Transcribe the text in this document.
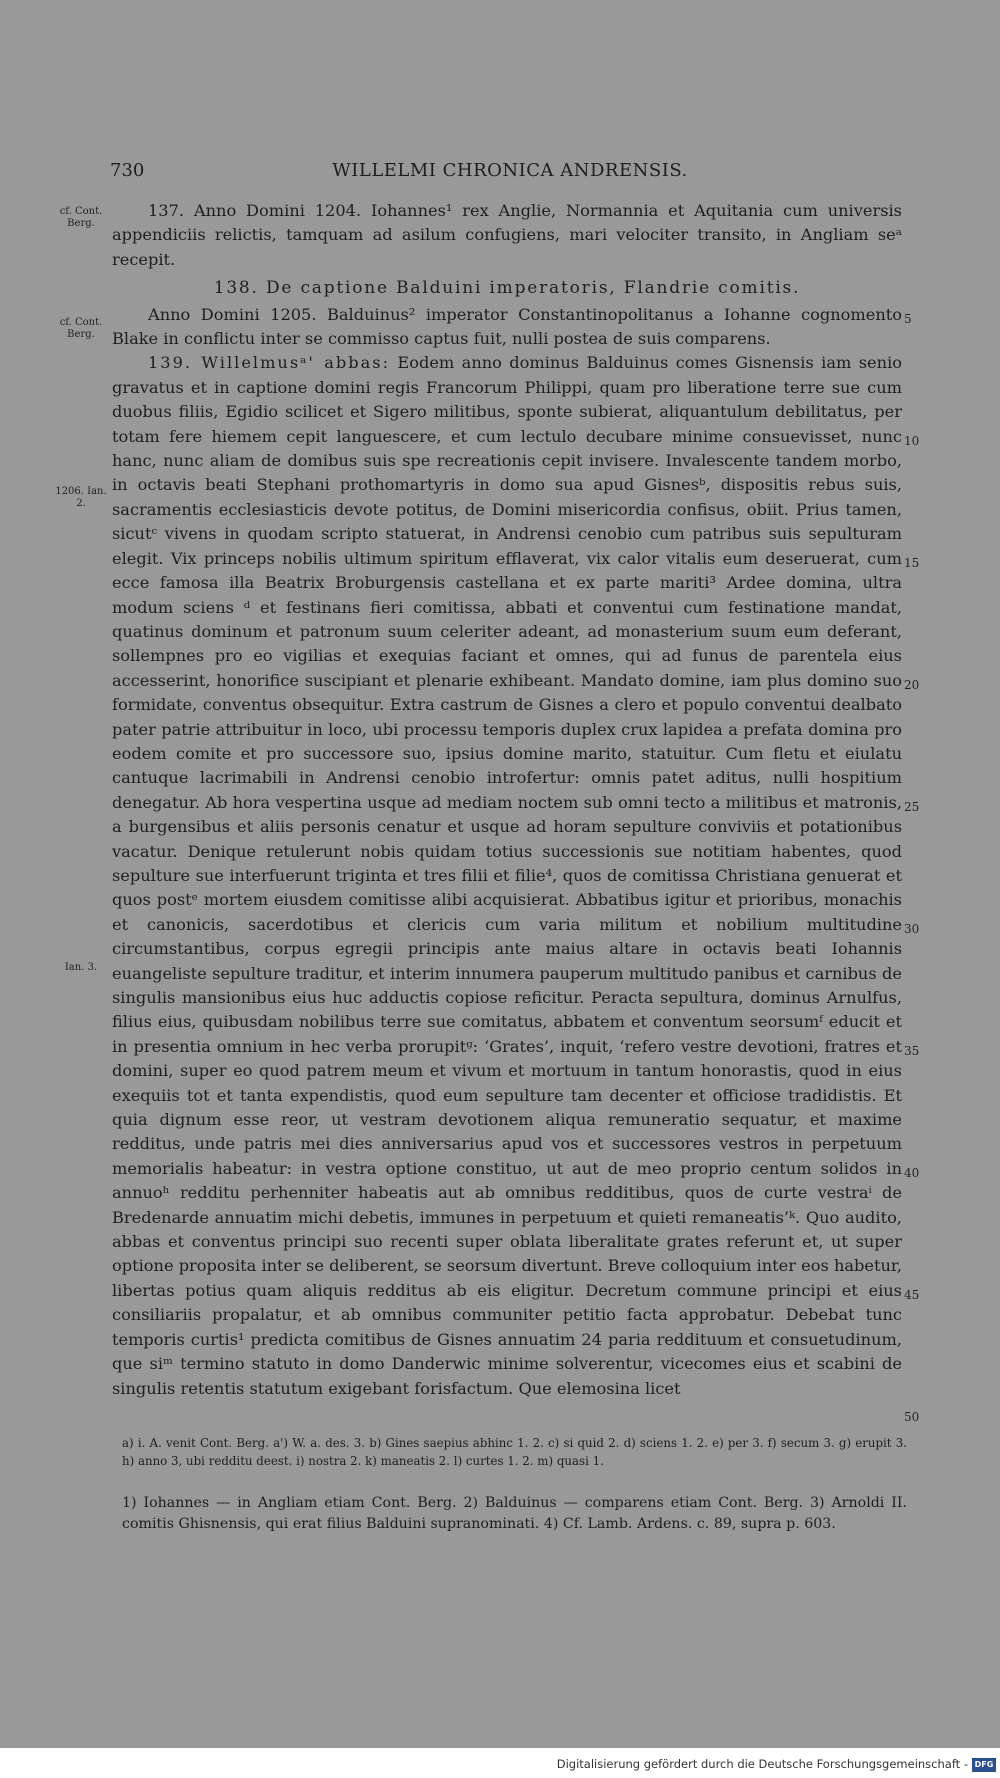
730	WILLELMI CHRONICA ANDRENSIS.
cf. Cont. Berg.
cf. Cont. Berg.
1206. Ian. 2.
Ian. 3.
5
10
15
20
25
30
35
40
45
50

137. Anno Domini 1204. Iohannes¹ rex Anglie, Normannia et Aquitania cum universis appendiciis relictis, tamquam ad asilum confugiens, mari velociter transito, in Angliam seᵃ recepit.

138. De captione Balduini imperatoris, Flandrie comitis.

Anno Domini 1205. Balduinus² imperator Constantinopolitanus a Iohanne cognomento Blake in conflictu inter se commisso captus fuit, nulli postea de suis comparens.

139. Willelmusᵃ' abbas: Eodem anno dominus Balduinus comes Gisnensis iam senio gravatus et in captione domini regis Francorum Philippi, quam pro liberatione terre sue cum duobus filiis, Egidio scilicet et Sigero militibus, sponte subierat, aliquantulum debilitatus, per totam fere hiemem cepit languescere, et cum lectulo decubare minime consuevisset, nunc hanc, nunc aliam de domibus suis spe recreationis cepit invisere. Invalescente tandem morbo, in octavis beati Stephani prothomartyris in domo sua apud Gisnesᵇ, dispositis rebus suis, sacramentis ecclesiasticis devote potitus, de Domini misericordia confisus, obiit. Prius tamen, sicutᶜ vivens in quodam scripto statuerat, in Andrensi cenobio cum patribus suis sepulturam elegit. Vix princeps nobilis ultimum spiritum efflaverat, vix calor vitalis eum deseruerat, cum ecce famosa illa Beatrix Broburgensis castellana et ex parte mariti³ Ardee domina, ultra modum sciens ᵈ et festinans fieri comitissa, abbati et conventui cum festinatione mandat, quatinus dominum et patronum suum celeriter adeant, ad monasterium suum eum deferant, sollempnes pro eo vigilias et exequias faciant et omnes, qui ad funus de parentela eius accesserint, honorifice suscipiant et plenarie exhibeant. Mandato domine, iam plus domino suo formidate, conventus obsequitur. Extra castrum de Gisnes a clero et populo conventui dealbato pater patrie attribuitur in loco, ubi processu temporis duplex crux lapidea a prefata domina pro eodem comite et pro successore suo, ipsius domine marito, statuitur. Cum fletu et eiulatu cantuque lacrimabili in Andrensi cenobio introfertur: omnis patet aditus, nulli hospitium denegatur. Ab hora vespertina usque ad mediam noctem sub omni tecto a militibus et matronis, a burgensibus et aliis personis cenatur et usque ad horam sepulture conviviis et potationibus vacatur. Denique retulerunt nobis quidam totius successionis sue notitiam habentes, quod sepulture sue interfuerunt triginta et tres filii et filie⁴, quos de comitissa Christiana genuerat et quos postᵉ mortem eiusdem comitisse alibi acquisierat. Abbatibus igitur et prioribus, monachis et canonicis, sacerdotibus et clericis cum varia militum et nobilium multitudine circumstantibus, corpus egregii principis ante maius altare in octavis beati Iohannis euangeliste sepulture traditur, et interim innumera pauperum multitudo panibus et carnibus de singulis mansionibus eius huc adductis copiose reficitur. Peracta sepultura, dominus Arnulfus, filius eius, quibusdam nobilibus terre sue comitatus, abbatem et conventum seorsumᶠ educit et in presentia omnium in hec verba prorupitᵍ: ‘Grates’, inquit, ‘refero vestre devotioni, fratres et domini, super eo quod patrem meum et vivum et mortuum in tantum honorastis, quod in eius exequiis tot et tanta expendistis, quod eum sepulture tam decenter et officiose tradidistis. Et quia dignum esse reor, ut vestram devotionem aliqua remuneratio sequatur, et maxime redditus, unde patris mei dies anniversarius apud vos et successores vestros in perpetuum memorialis habeatur: in vestra optione constituo, ut aut de meo proprio centum solidos in annuoʰ redditu perhenniter habeatis aut ab omnibus redditibus, quos de curte vestraⁱ de Bredenarde annuatim michi debetis, immunes in perpetuum et quieti remaneatis’ᵏ. Quo audito, abbas et conventus principi suo recenti super oblata liberalitate grates referunt et, ut super optione proposita inter se deliberent, se seorsum divertunt. Breve colloquium inter eos habetur, libertas potius quam aliquis redditus ab eis eligitur. Decretum commune principi et eius consiliariis propalatur, et ab omnibus communiter petitio facta approbatur. Debebat tunc temporis curtis¹ predicta comitibus de Gisnes annuatim 24 paria reddituum et consuetudinum, que siᵐ termino statuto in domo Danderwic minime solverentur, vicecomes eius et scabini de singulis retentis statutum exigebant forisfactum. Que elemosina licet

a) i. A. venit Cont. Berg. a') W. a. des. 3. b) Gines saepius abhinc 1. 2. c) si quid 2. d) sciens 1. 2. e) per 3. f) secum 3. g) erupit 3. h) anno 3, ubi redditu deest. i) nostra 2. k) maneatis 2. l) curtes 1. 2. m) quasi 1.

1) Iohannes — in Angliam etiam Cont. Berg. 2) Balduinus — comparens etiam Cont. Berg. 3) Arnoldi II. comitis Ghisnensis, qui erat filius Balduini supranominati. 4) Cf. Lamb. Ardens. c. 89, supra p. 603.

Digitalisierung gefördert durch die Deutsche Forschungsgemeinschaft - DFG
